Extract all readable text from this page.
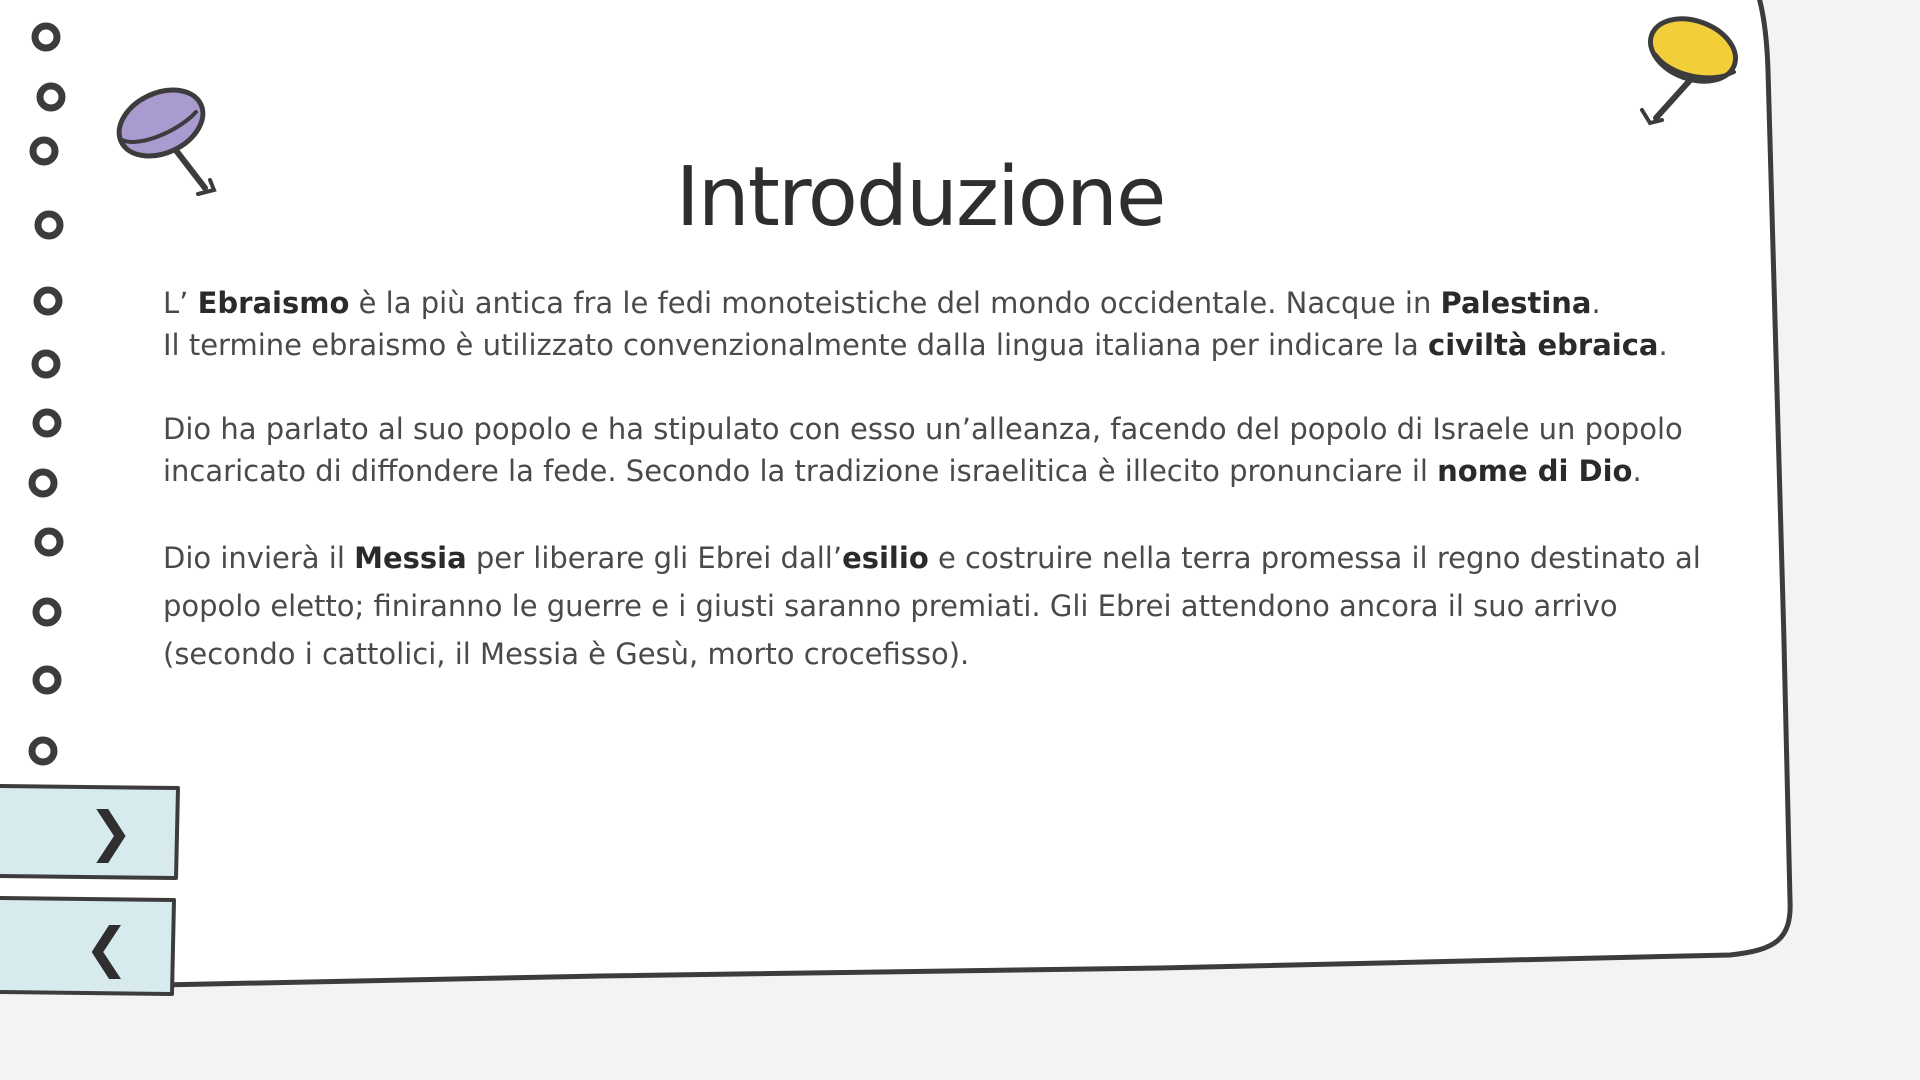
Introduzione

L’ Ebraismo è la più antica fra le fedi monoteistiche del mondo occidentale. Nacque in Palestina.
Il termine ebraismo è utilizzato convenzionalmente dalla lingua italiana per indicare la civiltà ebraica.

Dio ha parlato al suo popolo e ha stipulato con esso un’alleanza, facendo del popolo di Israele un popolo incaricato di diffondere la fede. Secondo la tradizione israelitica è illecito pronunciare il nome di Dio.

Dio invierà il Messia per liberare gli Ebrei dall’esilio e costruire nella terra promessa il regno destinato al popolo eletto; finiranno le guerre e i giusti saranno premiati. Gli Ebrei attendono ancora il suo arrivo (secondo i cattolici, il Messia è Gesù, morto crocefisso).

❯
❮
